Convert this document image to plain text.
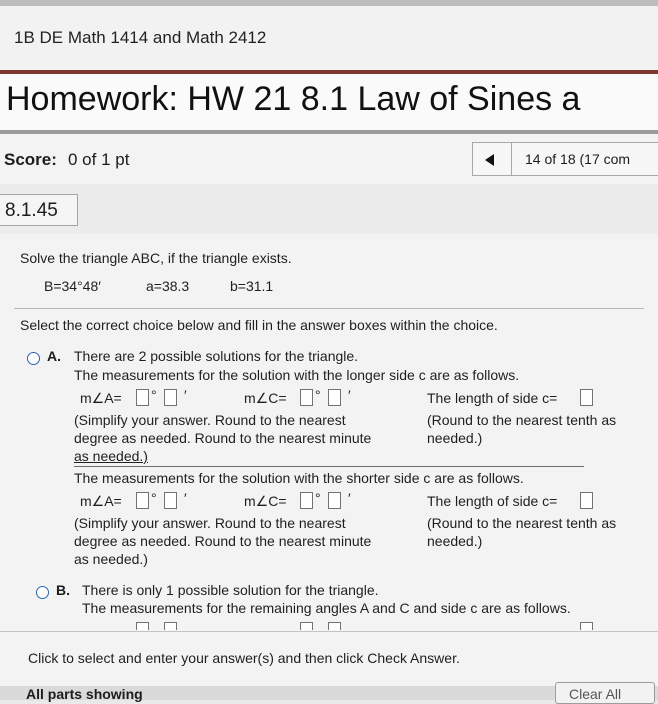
1B DE Math 1414 and Math 2412
Homework: HW 21 8.1 Law of Sines a
Score: 0 of 1 pt	14 of 18 (17 com
8.1.45
Solve the triangle ABC, if the triangle exists.
B=34°48′	a=38.3	b=31.1
Select the correct choice below and fill in the answer boxes within the choice.
A. There are 2 possible solutions for the triangle.
The measurements for the solution with the longer side c are as follows.
m∠A= ° ′	m∠C= ° ′	The length of side c=
(Simplify your answer. Round to the nearest
degree as needed. Round to the nearest minute
as needed.)
(Round to the nearest tenth as
needed.)
The measurements for the solution with the shorter side c are as follows.
m∠A= ° ′	m∠C= ° ′	The length of side c=
(Simplify your answer. Round to the nearest
degree as needed. Round to the nearest minute
as needed.)
(Round to the nearest tenth as
needed.)
B. There is only 1 possible solution for the triangle.
The measurements for the remaining angles A and C and side c are as follows.
Click to select and enter your answer(s) and then click Check Answer.
All parts showing	Clear All
